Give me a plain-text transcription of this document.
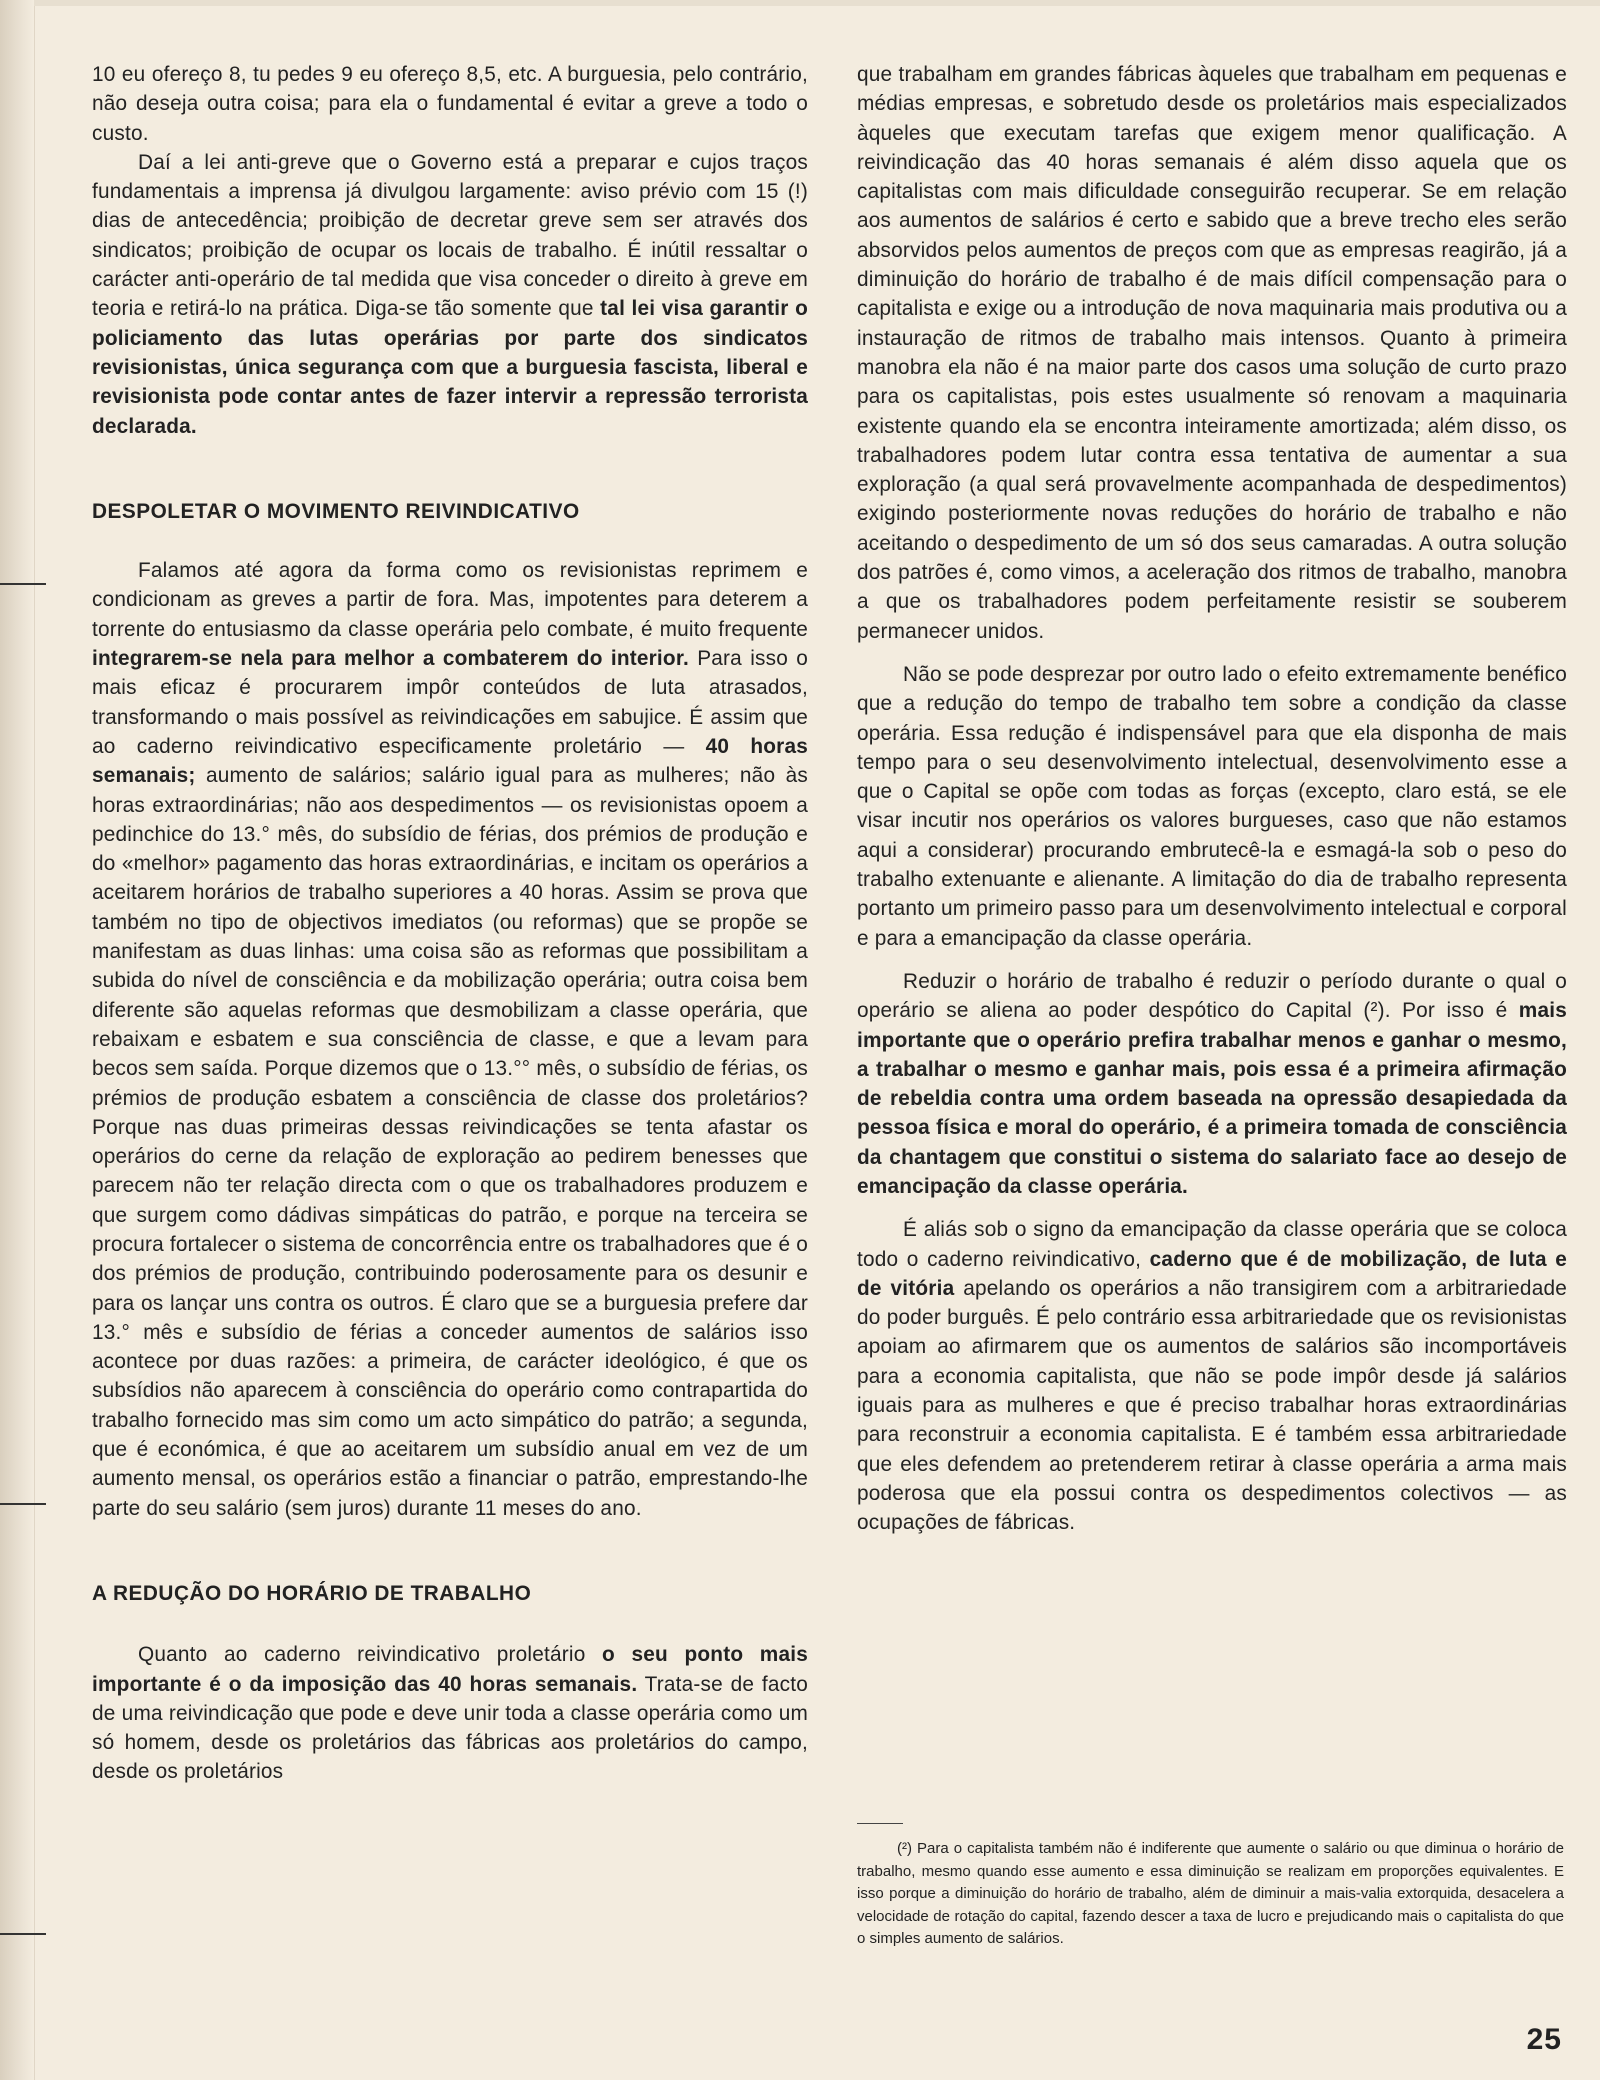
10 eu ofereço 8, tu pedes 9 eu ofereço 8,5, etc. A burguesia, pelo contrário, não deseja outra coisa; para ela o fundamental é evitar a greve a todo o custo.

Daí a lei anti-greve que o Governo está a preparar e cujos traços fundamentais a imprensa já divulgou largamente: aviso prévio com 15 (!) dias de antecedência; proibição de decretar greve sem ser através dos sindicatos; proibição de ocupar os locais de trabalho. É inútil ressaltar o carácter anti-operário de tal medida que visa conceder o direito à greve em teoria e retirá-lo na prática. Diga-se tão somente que tal lei visa garantir o policiamento das lutas operárias por parte dos sindicatos revisionistas, única segurança com que a burguesia fascista, liberal e revisionista pode contar antes de fazer intervir a repressão terrorista declarada.

DESPOLETAR O MOVIMENTO REIVINDICATIVO

Falamos até agora da forma como os revisionistas reprimem e condicionam as greves a partir de fora. Mas, impotentes para deterem a torrente do entusiasmo da classe operária pelo combate, é muito frequente integrarem-se nela para melhor a combaterem do interior. Para isso o mais eficaz é procurarem impôr conteúdos de luta atrasados, transformando o mais possível as reivindicações em sabujice. É assim que ao caderno reivindicativo especificamente proletário — 40 horas semanais; aumento de salários; salário igual para as mulheres; não às horas extraordinárias; não aos despedimentos — os revisionistas opoem a pedinchice do 13.° mês, do subsídio de férias, dos prémios de produção e do «melhor» pagamento das horas extraordinárias, e incitam os operários a aceitarem horários de trabalho superiores a 40 horas. Assim se prova que também no tipo de objectivos imediatos (ou reformas) que se propõe se manifestam as duas linhas: uma coisa são as reformas que possibilitam a subida do nível de consciência e da mobilização operária; outra coisa bem diferente são aquelas reformas que desmobilizam a classe operária, que rebaixam e esbatem e sua consciência de classe, e que a levam para becos sem saída. Porque dizemos que o 13.°° mês, o subsídio de férias, os prémios de produção esbatem a consciência de classe dos proletários? Porque nas duas primeiras dessas reivindicações se tenta afastar os operários do cerne da relação de exploração ao pedirem benesses que parecem não ter relação directa com o que os trabalhadores produzem e que surgem como dádivas simpáticas do patrão, e porque na terceira se procura fortalecer o sistema de concorrência entre os trabalhadores que é o dos prémios de produção, contribuindo poderosamente para os desunir e para os lançar uns contra os outros. É claro que se a burguesia prefere dar 13.° mês e subsídio de férias a conceder aumentos de salários isso acontece por duas razões: a primeira, de carácter ideológico, é que os subsídios não aparecem à consciência do operário como contrapartida do trabalho fornecido mas sim como um acto simpático do patrão; a segunda, que é económica, é que ao aceitarem um subsídio anual em vez de um aumento mensal, os operários estão a financiar o patrão, emprestando-lhe parte do seu salário (sem juros) durante 11 meses do ano.

A REDUÇÃO DO HORÁRIO DE TRABALHO

Quanto ao caderno reivindicativo proletário o seu ponto mais importante é o da imposição das 40 horas semanais. Trata-se de facto de uma reivindicação que pode e deve unir toda a classe operária como um só homem, desde os proletários das fábricas aos proletários do campo, desde os proletários

que trabalham em grandes fábricas àqueles que trabalham em pequenas e médias empresas, e sobretudo desde os proletários mais especializados àqueles que executam tarefas que exigem menor qualificação. A reivindicação das 40 horas semanais é além disso aquela que os capitalistas com mais dificuldade conseguirão recuperar. Se em relação aos aumentos de salários é certo e sabido que a breve trecho eles serão absorvidos pelos aumentos de preços com que as empresas reagirão, já a diminuição do horário de trabalho é de mais difícil compensação para o capitalista e exige ou a introdução de nova maquinaria mais produtiva ou a instauração de ritmos de trabalho mais intensos. Quanto à primeira manobra ela não é na maior parte dos casos uma solução de curto prazo para os capitalistas, pois estes usualmente só renovam a maquinaria existente quando ela se encontra inteiramente amortizada; além disso, os trabalhadores podem lutar contra essa tentativa de aumentar a sua exploração (a qual será provavelmente acompanhada de despedimentos) exigindo posteriormente novas reduções do horário de trabalho e não aceitando o despedimento de um só dos seus camaradas. A outra solução dos patrões é, como vimos, a aceleração dos ritmos de trabalho, manobra a que os trabalhadores podem perfeitamente resistir se souberem permanecer unidos.

Não se pode desprezar por outro lado o efeito extremamente benéfico que a redução do tempo de trabalho tem sobre a condição da classe operária. Essa redução é indispensável para que ela disponha de mais tempo para o seu desenvolvimento intelectual, desenvolvimento esse a que o Capital se opõe com todas as forças (excepto, claro está, se ele visar incutir nos operários os valores burgueses, caso que não estamos aqui a considerar) procurando embrutecê-la e esmagá-la sob o peso do trabalho extenuante e alienante. A limitação do dia de trabalho representa portanto um primeiro passo para um desenvolvimento intelectual e corporal e para a emancipação da classe operária.

Reduzir o horário de trabalho é reduzir o período durante o qual o operário se aliena ao poder despótico do Capital (²). Por isso é mais importante que o operário prefira trabalhar menos e ganhar o mesmo, a trabalhar o mesmo e ganhar mais, pois essa é a primeira afirmação de rebeldia contra uma ordem baseada na opressão desapiedada da pessoa física e moral do operário, é a primeira tomada de consciência da chantagem que constitui o sistema do salariato face ao desejo de emancipação da classe operária.

É aliás sob o signo da emancipação da classe operária que se coloca todo o caderno reivindicativo, caderno que é de mobilização, de luta e de vitória apelando os operários a não transigirem com a arbitrariedade do poder burguês. É pelo contrário essa arbitrariedade que os revisionistas apoiam ao afirmarem que os aumentos de salários são incomportáveis para a economia capitalista, que não se pode impôr desde já salários iguais para as mulheres e que é preciso trabalhar horas extraordinárias para reconstruir a economia capitalista. E é também essa arbitrariedade que eles defendem ao pretenderem retirar à classe operária a arma mais poderosa que ela possui contra os despedimentos colectivos — as ocupações de fábricas.

(²) Para o capitalista também não é indiferente que aumente o salário ou que diminua o horário de trabalho, mesmo quando esse aumento e essa diminuição se realizam em proporções equivalentes. E isso porque a diminuição do horário de trabalho, além de diminuir a mais-valia extorquida, desacelera a velocidade de rotação do capital, fazendo descer a taxa de lucro e prejudicando mais o capitalista do que o simples aumento de salários.
25
